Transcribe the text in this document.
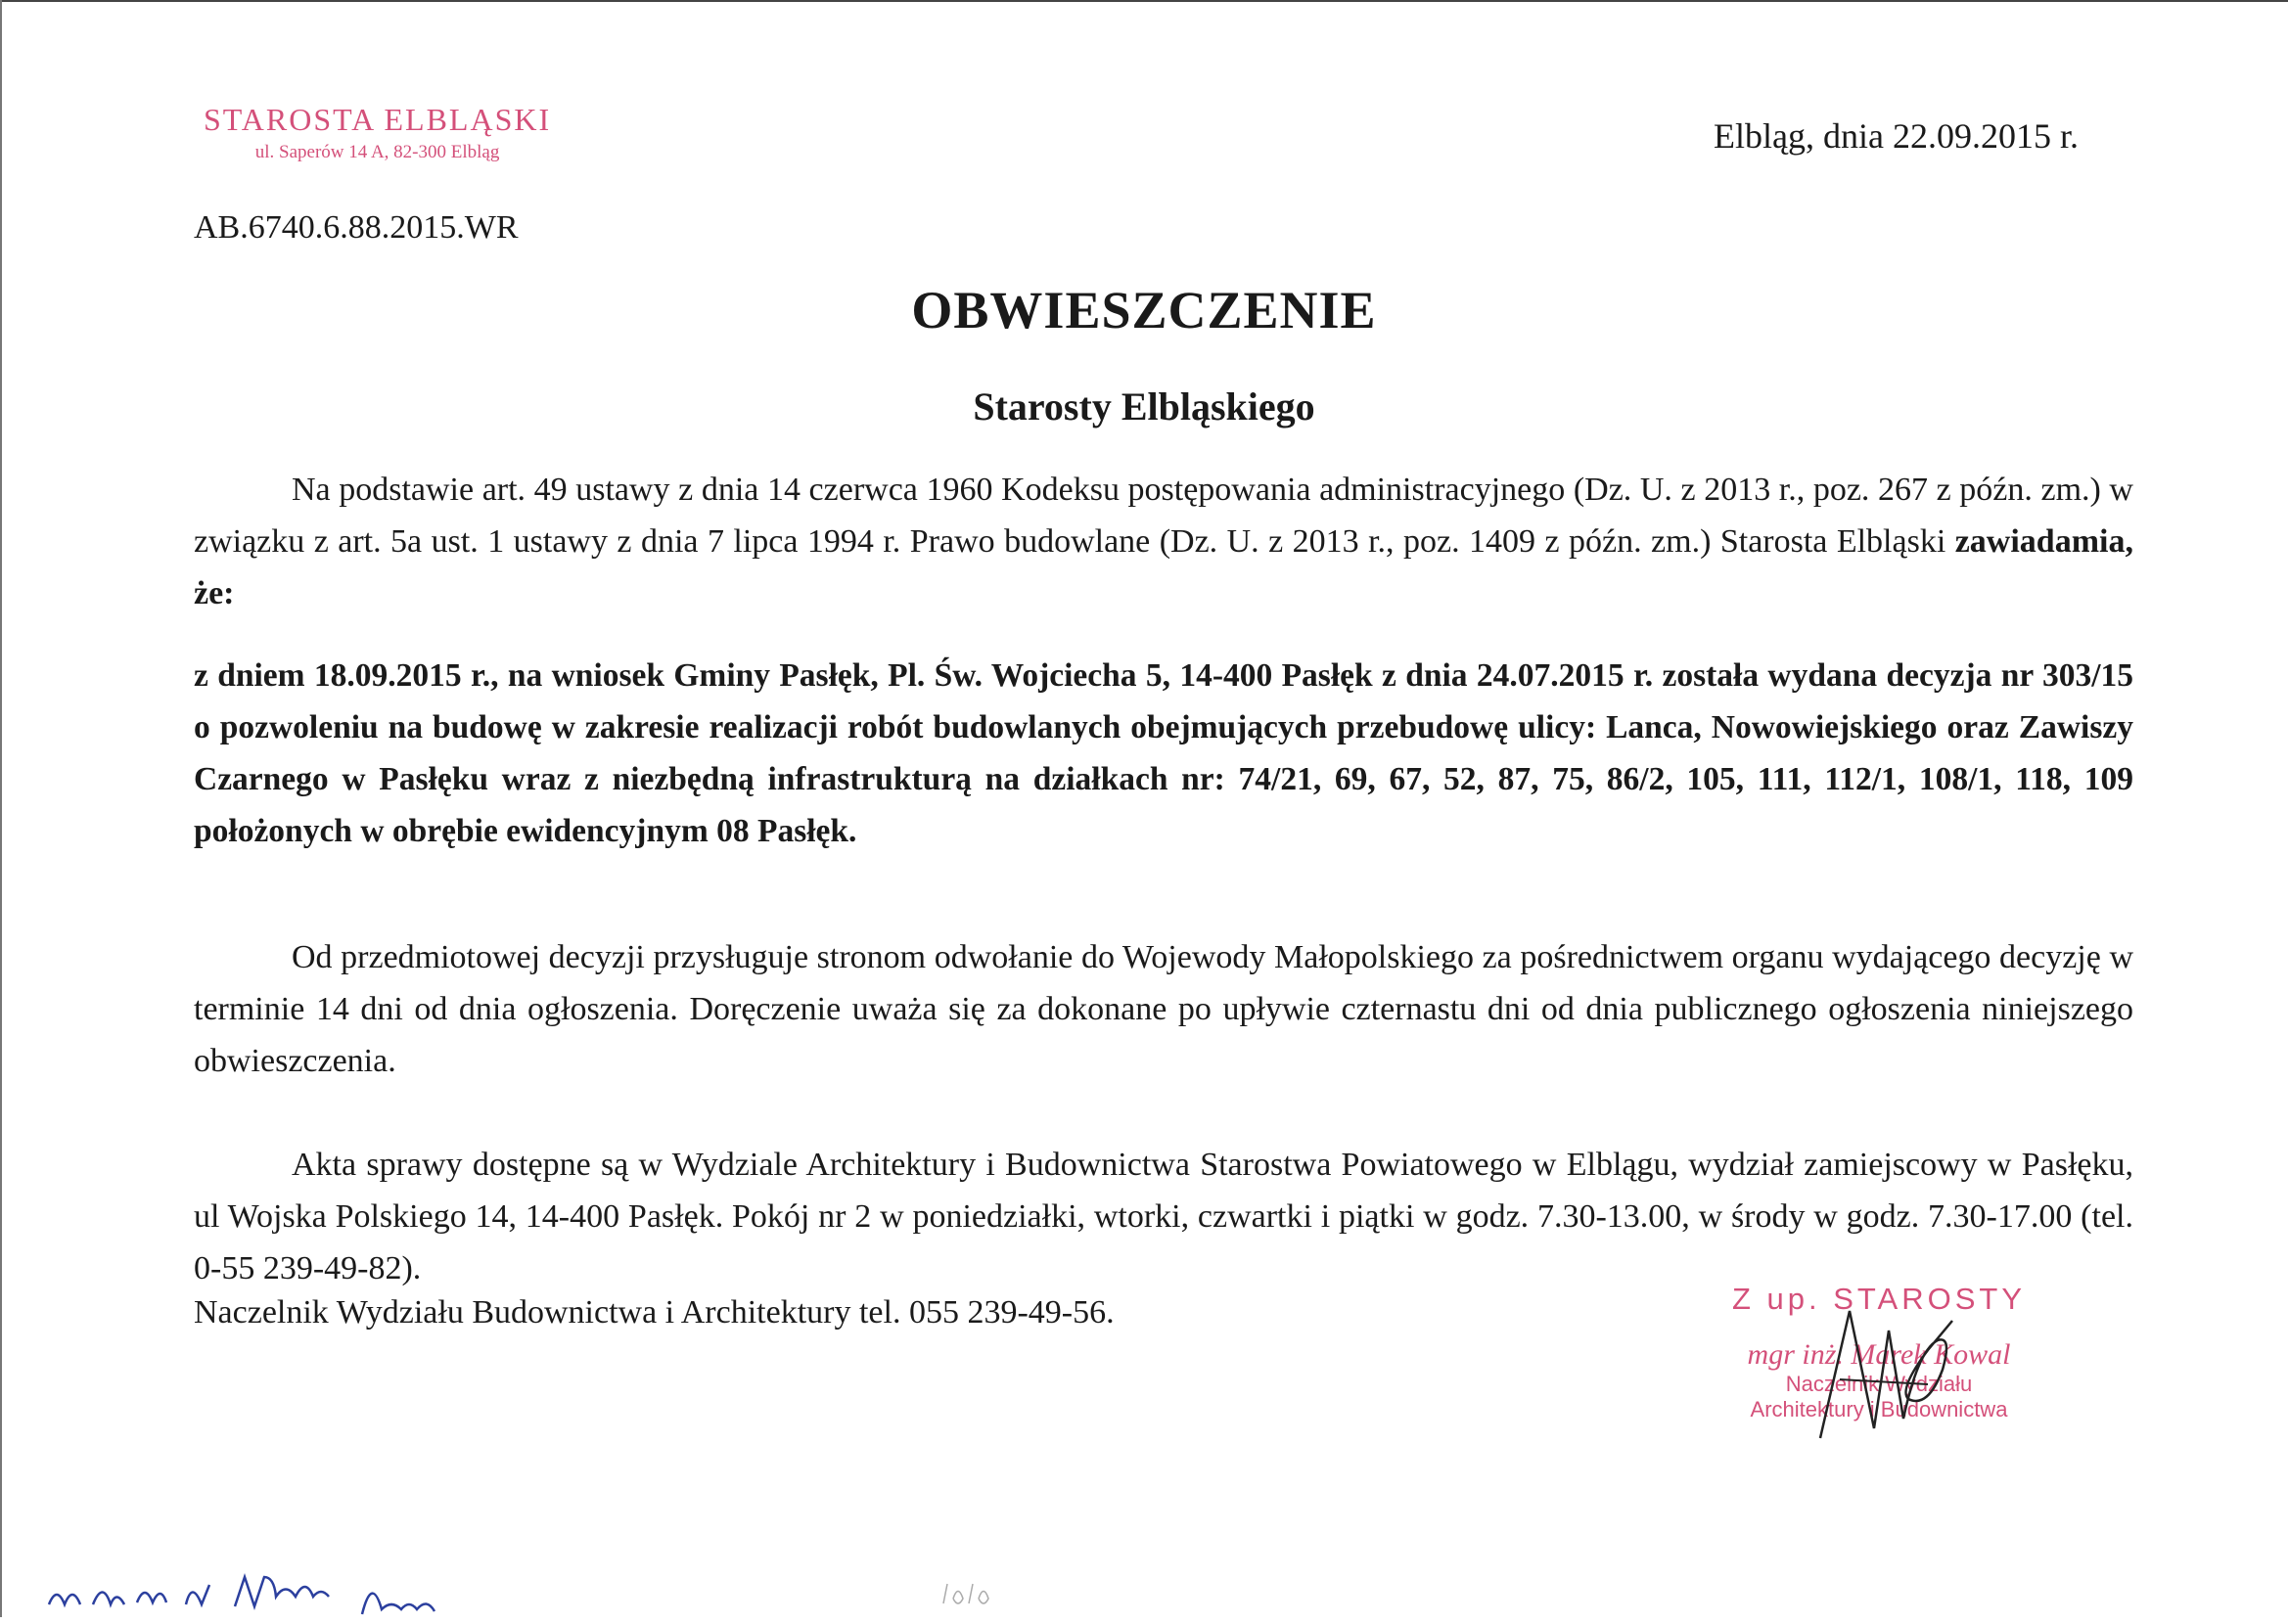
STAROSTA ELBLĄSKI
ul. Saperów 14 A, 82-300 Elbląg	Elbląg, dnia 22.09.2015 r.
AB.6740.6.88.2015.WR
OBWIESZCZENIE
Starosty Elbląskiego
Na podstawie art. 49 ustawy z dnia 14 czerwca 1960 Kodeksu postępowania administracyjnego (Dz. U. z 2013 r., poz. 267 z późn. zm.) w związku z art. 5a ust. 1 ustawy z dnia 7 lipca 1994 r. Prawo budowlane (Dz. U. z 2013 r., poz. 1409 z późn. zm.) Starosta Elbląski zawiadamia, że:
z dniem 18.09.2015 r., na wniosek Gminy Pasłęk, Pl. Św. Wojciecha 5, 14-400 Pasłęk z dnia 24.07.2015 r. została wydana decyzja nr 303/15 o pozwoleniu na budowę w zakresie realizacji robót budowlanych obejmujących przebudowę ulicy: Lanca, Nowowiejskiego oraz Zawiszy Czarnego w Pasłęku wraz z niezbędną infrastrukturą na działkach nr: 74/21, 69, 67, 52, 87, 75, 86/2, 105, 111, 112/1, 108/1, 118, 109 położonych w obrębie ewidencyjnym 08 Pasłęk.
Od przedmiotowej decyzji przysługuje stronom odwołanie do Wojewody Małopolskiego za pośrednictwem organu wydającego decyzję w terminie 14 dni od dnia ogłoszenia. Doręczenie uważa się za dokonane po upływie czternastu dni od dnia publicznego ogłoszenia niniejszego obwieszczenia.
Akta sprawy dostępne są w Wydziale Architektury i Budownictwa Starostwa Powiatowego w Elblągu, wydział zamiejscowy w Pasłęku, ul Wojska Polskiego 14, 14-400 Pasłęk. Pokój nr 2 w poniedziałki, wtorki, czwartki i piątki w godz. 7.30-13.00, w środy w godz. 7.30-17.00 (tel. 0-55 239-49-82).
Naczelnik Wydziału Budownictwa i Architektury tel. 055 239-49-56.	Z up. STAROSTY
mgr inż. Marek Kowal
Naczelnik Wydziału
Architektury i Budownictwa
